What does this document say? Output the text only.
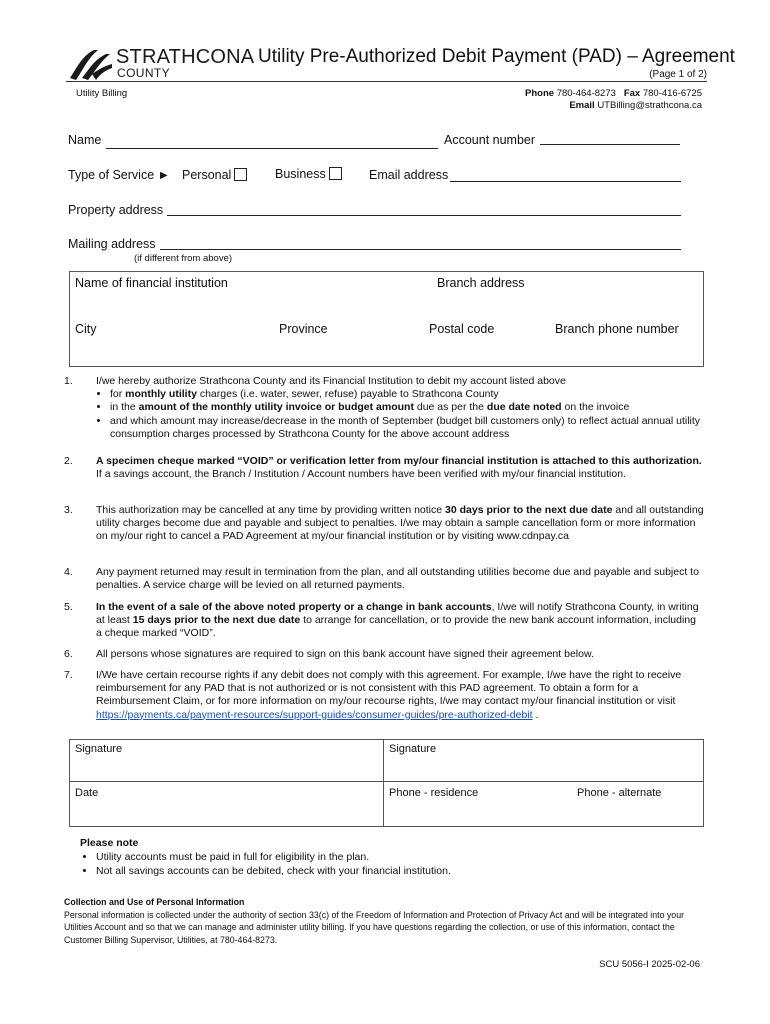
STRATHCONA
COUNTY
Utility Pre-Authorized Debit Payment (PAD) – Agreement
(Page 1 of 2)
Utility Billing	Phone 780-464-8273 Fax 780-416-6725
Email UTBilling@strathcona.ca
Name	Account number
Type of Service ► Personal	Business	Email address
Property address
Mailing address
(if different from above)
Name of financial institution	Branch address
City	Province	Postal code	Branch phone number
1. I/we hereby authorize Strathcona County and its Financial Institution to debit my account listed above
• for monthly utility charges (i.e. water, sewer, refuse) payable to Strathcona County
• in the amount of the monthly utility invoice or budget amount due as per the due date noted on the invoice
• and which amount may increase/decrease in the month of September (budget bill customers only) to reflect actual annual utility consumption charges processed by Strathcona County for the above account address
2. A specimen cheque marked “VOID” or verification letter from my/our financial institution is attached to this authorization. If a savings account, the Branch / Institution / Account numbers have been verified with my/our financial institution.
3. This authorization may be cancelled at any time by providing written notice 30 days prior to the next due date and all outstanding utility charges become due and payable and subject to penalties. I/we may obtain a sample cancellation form or more information on my/our right to cancel a PAD Agreement at my/our financial institution or by visiting www.cdnpay.ca
4. Any payment returned may result in termination from the plan, and all outstanding utilities become due and payable and subject to penalties. A service charge will be levied on all returned payments.
5. In the event of a sale of the above noted property or a change in bank accounts, I/we will notify Strathcona County, in writing at least 15 days prior to the next due date to arrange for cancellation, or to provide the new bank account information, including a cheque marked “VOID”.
6. All persons whose signatures are required to sign on this bank account have signed their agreement below.
7. I/We have certain recourse rights if any debit does not comply with this agreement. For example, I/we have the right to receive reimbursement for any PAD that is not authorized or is not consistent with this PAD agreement. To obtain a form for a Reimbursement Claim, or for more information on my/our recourse rights, I/we may contact my/our financial institution or visit https://payments.ca/payment-resources/support-guides/consumer-guides/pre-authorized-debit .
Signature	Signature
Date	Phone - residence	Phone - alternate
Please note
• Utility accounts must be paid in full for eligibility in the plan.
• Not all savings accounts can be debited, check with your financial institution.
Collection and Use of Personal Information
Personal information is collected under the authority of section 33(c) of the Freedom of Information and Protection of Privacy Act and will be integrated into your Utilities Account and so that we can manage and administer utility billing. If you have questions regarding the collection, or use of this information, contact the Customer Billing Supervisor, Utilities, at 780-464-8273.
SCU 5056-I 2025-02-06
